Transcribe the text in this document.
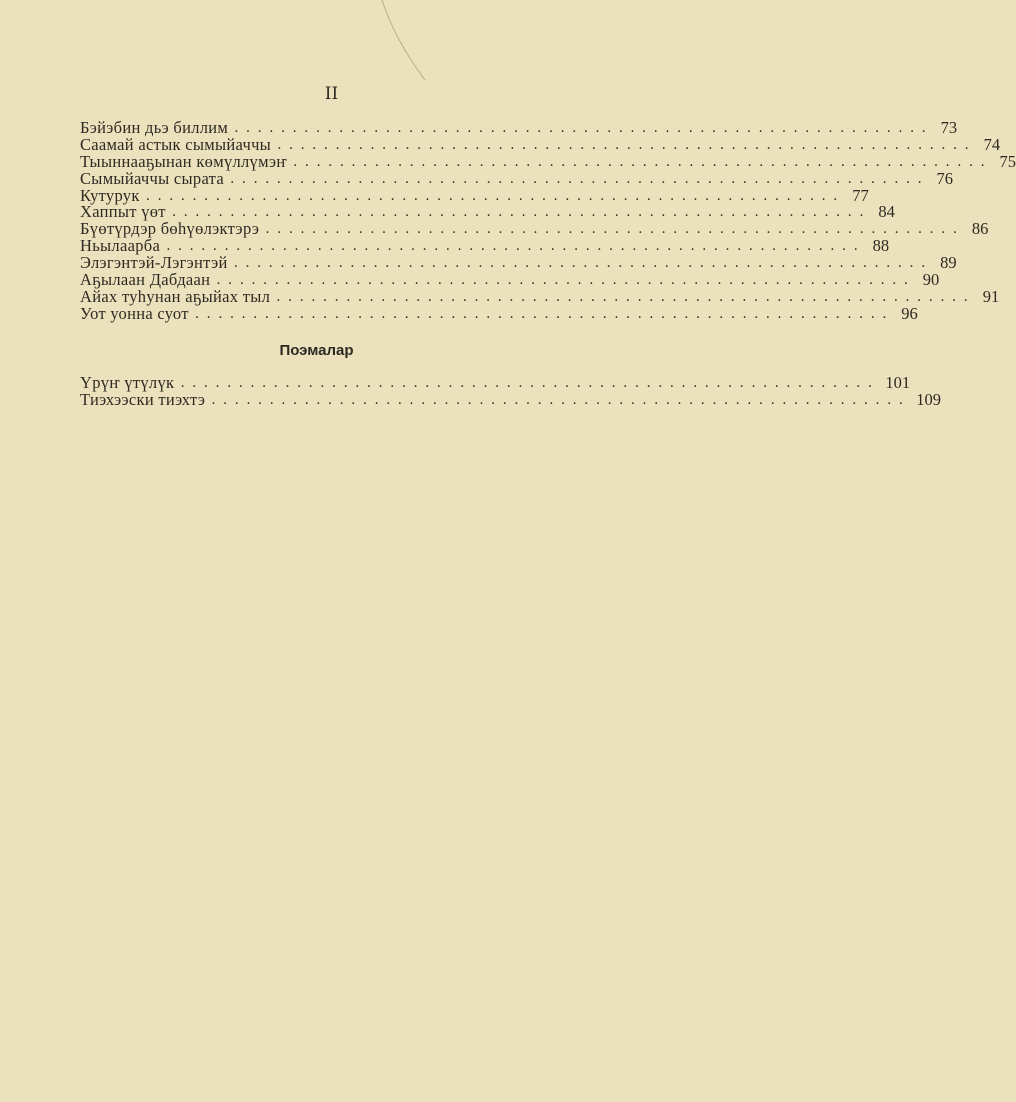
II
Бэйэбин дьэ биллим ............................................................ 73
Саамай астык сымыйаччы ............................................................ 74
Тыыннааҕынан көмүллүмэҥ ............................................................ 75
Сымыйаччы сырата ............................................................ 76
Кутурук ............................................................ 77
Хаппыт үөт ............................................................ 84
Бүөтүрдэр бөһүөлэктэрэ ............................................................ 86
Ньылаарба ............................................................ 88
Элэгэнтэй-Лэгэнтэй ............................................................ 89
Аҕылаан Дабдаан ............................................................ 90
Айах туһунан аҕыйах тыл ............................................................ 91
Уот уонна суот ............................................................ 96
Поэмалар
Үрүҥ үтүлүк ............................................................ 101
Тиэхээски тиэхтэ ............................................................ 109
